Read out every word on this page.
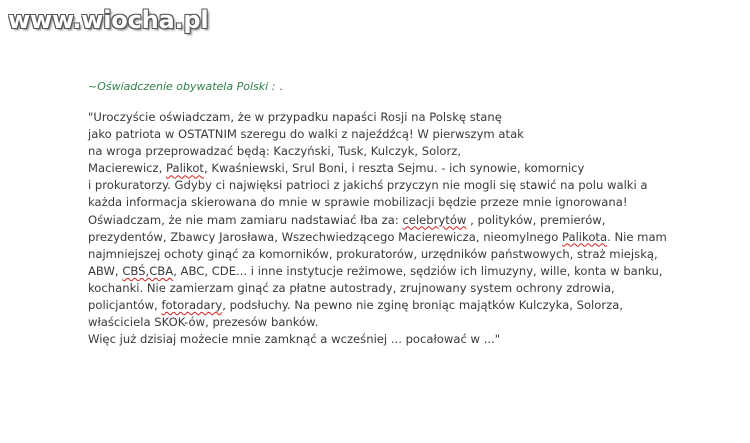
www.wiocha.pl
~Oświadczenie obywatela Polski : .
"Uroczyście oświadczam, że w przypadku napaści Rosji na Polskę stanę
jako patriota w OSTATNIM szeregu do walki z najeźdźcą! W pierwszym atak
na wroga przeprowadzać będą: Kaczyński, Tusk, Kulczyk, Solorz,
Macierewicz, Palikot, Kwaśniewski, Srul Boni, i reszta Sejmu. - ich synowie, komornicy
i prokuratorzy. Gdyby ci najwięksi patrioci z jakichś przyczyn nie mogli się stawić na polu walki a
każda informacja skierowana do mnie w sprawie mobilizacji będzie przeze mnie ignorowana!
Oświadczam, że nie mam zamiaru nadstawiać łba za: celebrytów , polityków, premierów,
prezydentów, Zbawcy Jarosława, Wszechwiedzącego Macierewicza, nieomylnego Palikota. Nie mam
najmniejszej ochoty ginąć za komorników, prokuratorów, urzędników państwowych, straż miejską,
ABW, CBŚ,CBA, ABC, CDE... i inne instytucje reżimowe, sędziów ich limuzyny, wille, konta w banku,
kochanki. Nie zamierzam ginąć za płatne autostrady, zrujnowany system ochrony zdrowia,
policjantów, fotoradary, podsłuchy. Na pewno nie zginę broniąc majątków Kulczyka, Solorza,
właściciela SKOK-ów, prezesów banków.
Więc już dzisiaj możecie mnie zamknąć a wcześniej ... pocałować w ..."
